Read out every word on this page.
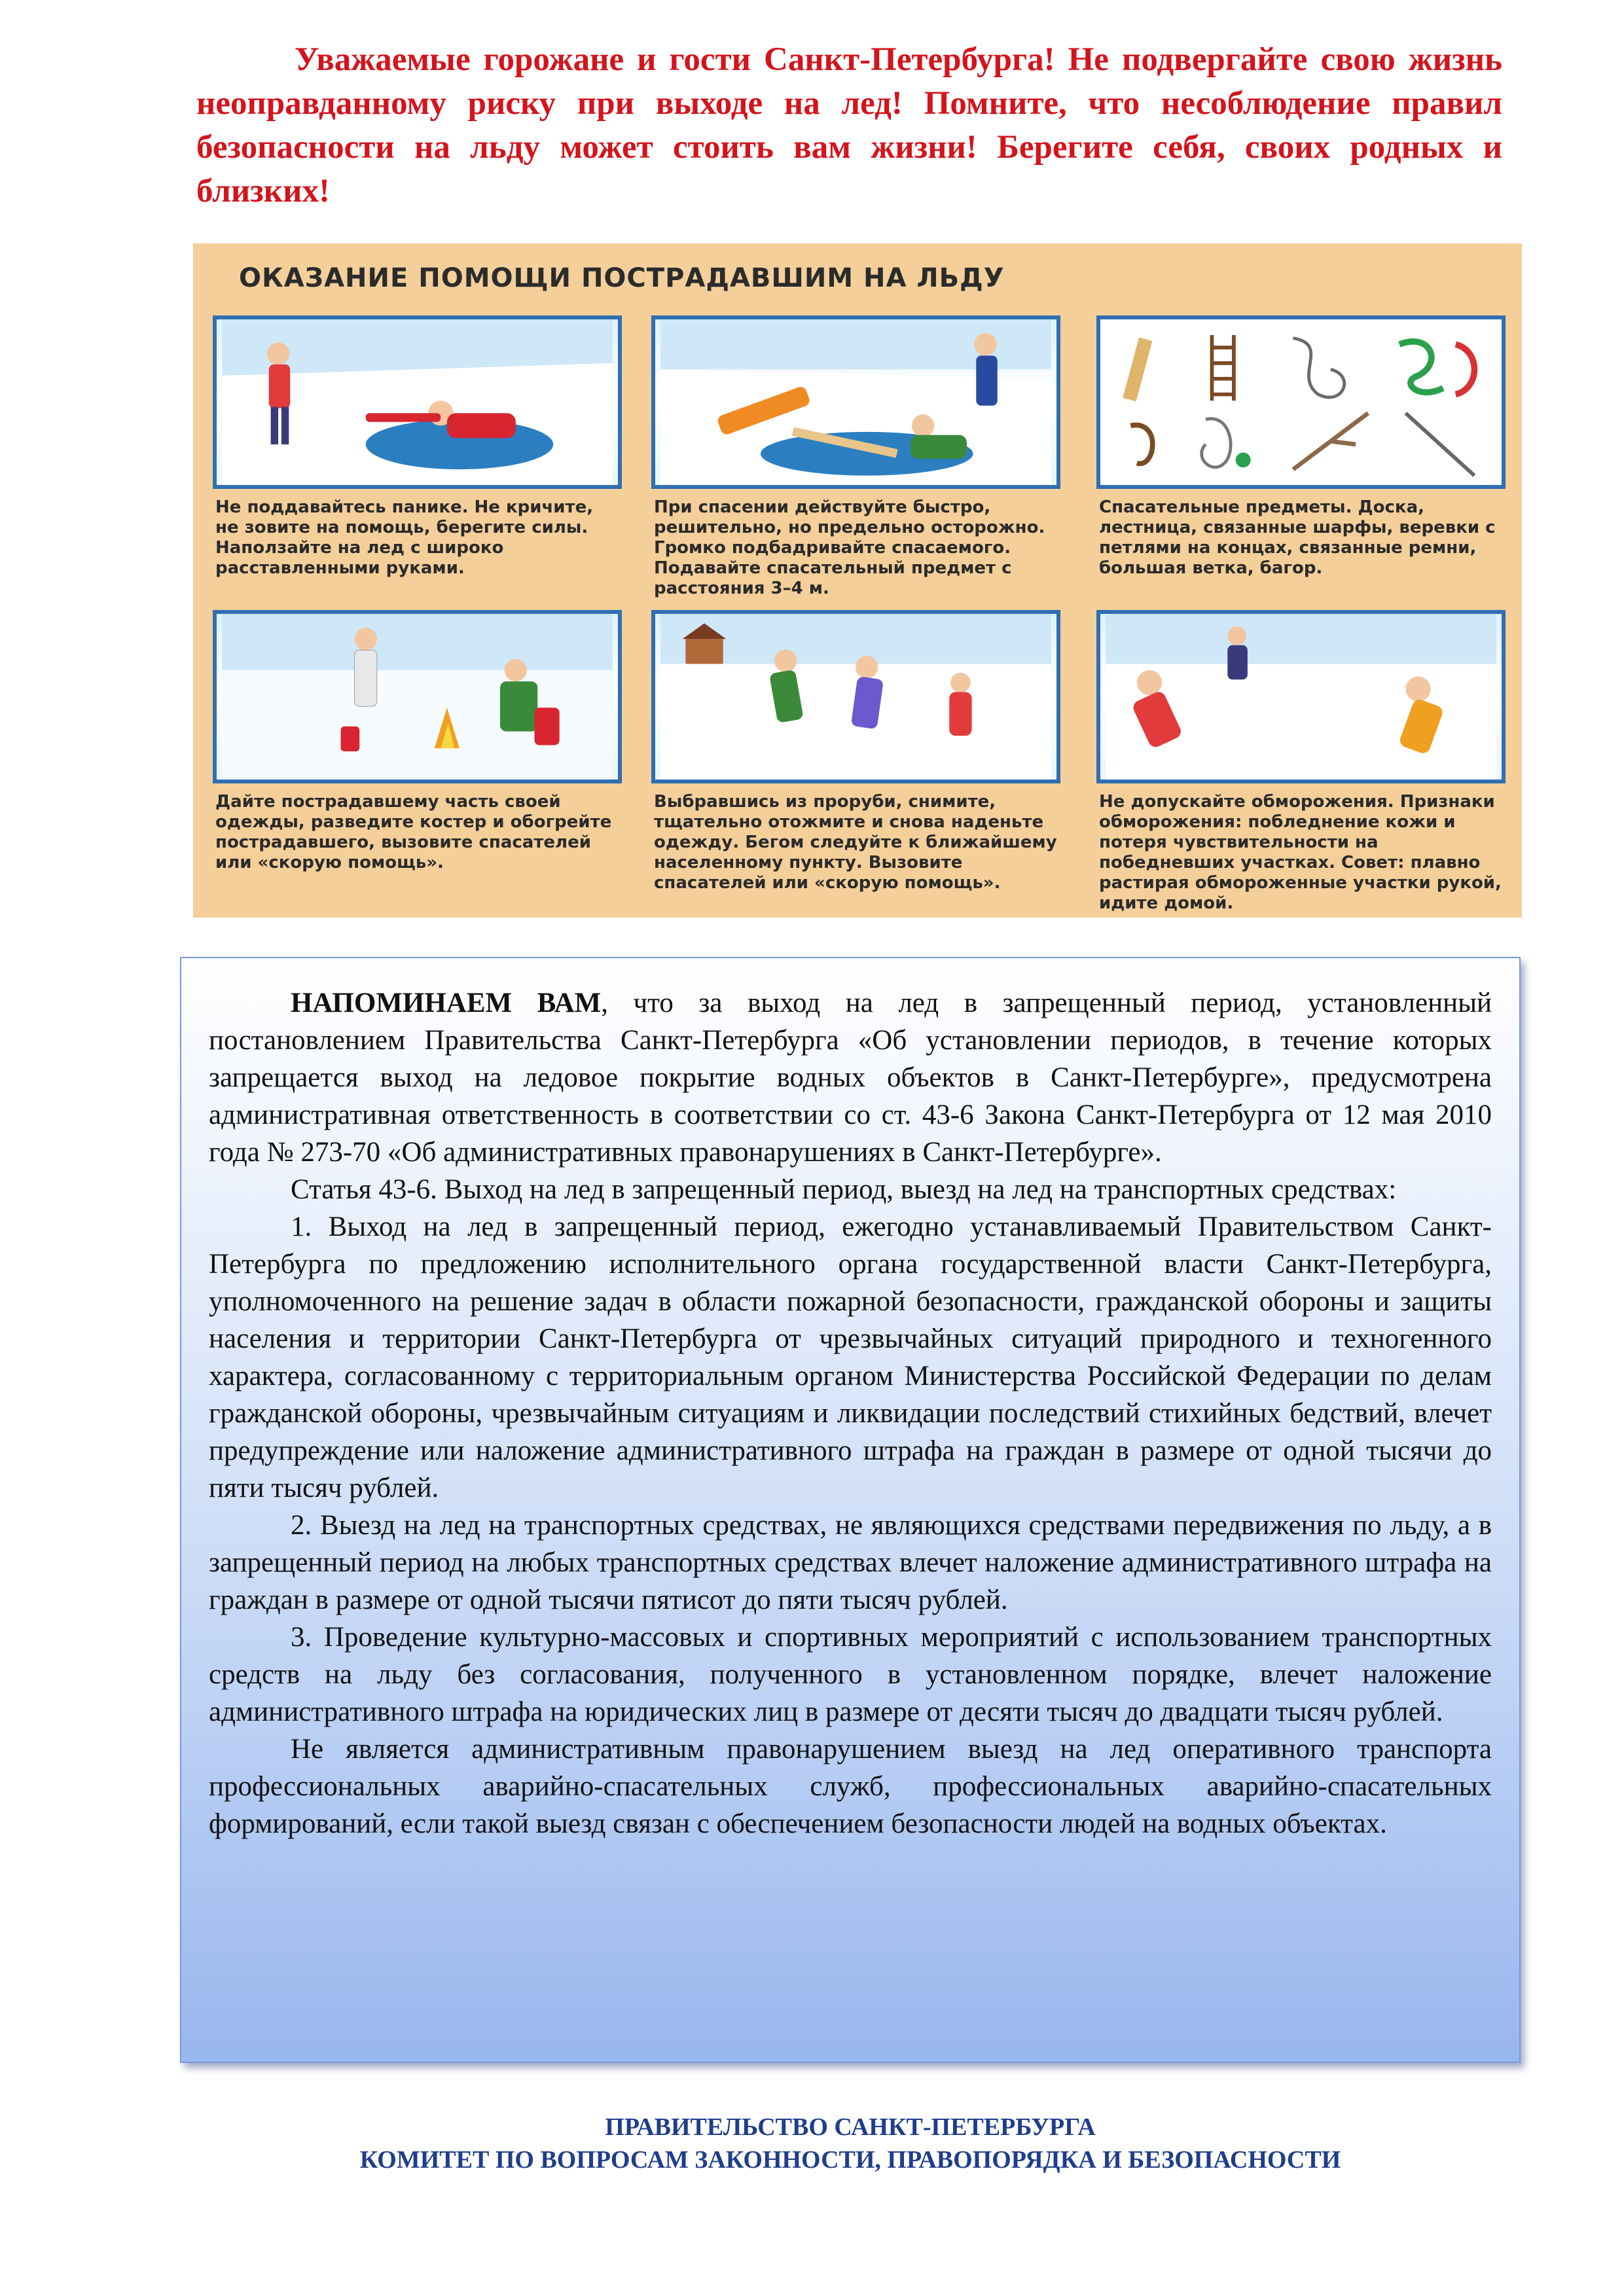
Уважаемые горожане и гости Санкт-Петербурга! Не подвергайте свою жизнь неоправданному риску при выходе на лед! Помните, что несоблюдение правил безопасности на льду может стоить вам жизни! Берегите себя, своих родных и близких!

ОКАЗАНИЕ ПОМОЩИ ПОСТРАДАВШИМ НА ЛЬДУ

Не поддавайтесь панике. Не кричите, не зовите на помощь, берегите силы. Наползайте на лед с широко расставленными руками.

При спасении действуйте быстро, решительно, но предельно осторожно. Громко подбадривайте спасаемого. Подавайте спасательный предмет с расстояния 3–4 м.

Спасательные предметы. Доска, лестница, связанные шарфы, веревки с петлями на концах, связанные ремни, большая ветка, багор.

Дайте пострадавшему часть своей одежды, разведите костер и обогрейте пострадавшего, вызовите спасателей или «скорую помощь».

Выбравшись из проруби, снимите, тщательно отожмите и снова наденьте одежду. Бегом следуйте к ближайшему населенному пункту. Вызовите спасателей или «скорую помощь».

Не допускайте обморожения. Признаки обморожения: побледнение кожи и потеря чувствительности на победневших участках. Совет: плавно растирая обмороженные участки рукой, идите домой.

НАПОМИНАЕМ ВАМ, что за выход на лед в запрещенный период, установленный постановлением Правительства Санкт-Петербурга «Об установлении периодов, в течение которых запрещается выход на ледовое покрытие водных объектов в Санкт-Петербурге», предусмотрена административная ответственность в соответствии со ст. 43-6 Закона Санкт-Петербурга от 12 мая 2010 года № 273-70 «Об административных правонарушениях в Санкт-Петербурге».

Статья 43-6. Выход на лед в запрещенный период, выезд на лед на транспортных средствах:

1. Выход на лед в запрещенный период, ежегодно устанавливаемый Правительством Санкт-Петербурга по предложению исполнительного органа государственной власти Санкт-Петербурга, уполномоченного на решение задач в области пожарной безопасности, гражданской обороны и защиты населения и территории Санкт-Петербурга от чрезвычайных ситуаций природного и техногенного характера, согласованному с территориальным органом Министерства Российской Федерации по делам гражданской обороны, чрезвычайным ситуациям и ликвидации последствий стихийных бедствий, влечет предупреждение или наложение административного штрафа на граждан в размере от одной тысячи до пяти тысяч рублей.

2. Выезд на лед на транспортных средствах, не являющихся средствами передвижения по льду, а в запрещенный период на любых транспортных средствах влечет наложение административного штрафа на граждан в размере от одной тысячи пятисот до пяти тысяч рублей.

3. Проведение культурно-массовых и спортивных мероприятий с использованием транспортных средств на льду без согласования, полученного в установленном порядке, влечет наложение административного штрафа на юридических лиц в размере от десяти тысяч до двадцати тысяч рублей.

Не является административным правонарушением выезд на лед оперативного транспорта профессиональных аварийно-спасательных служб, профессиональных аварийно-спасательных формирований, если такой выезд связан с обеспечением безопасности людей на водных объектах.

ПРАВИТЕЛЬСТВО САНКТ-ПЕТЕРБУРГА
КОМИТЕТ ПО ВОПРОСАМ ЗАКОННОСТИ, ПРАВОПОРЯДКА И БЕЗОПАСНОСТИ
